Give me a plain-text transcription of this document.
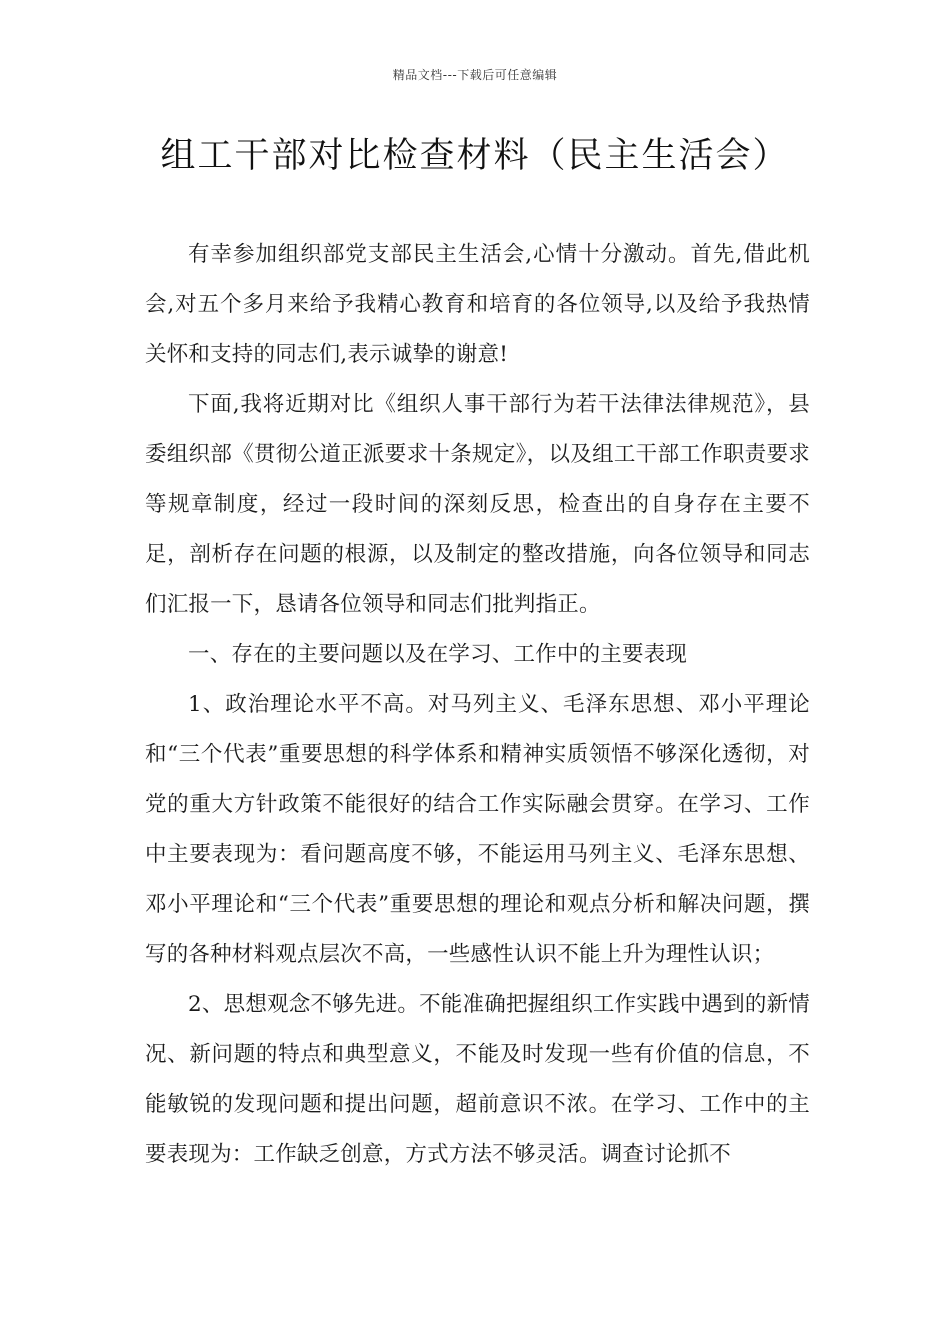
精品文档---下载后可任意编辑
组工干部对比检查材料（民主生活会）

有幸参加组织部党支部民主生活会,心情十分激动。首先,借此机会,对五个多月来给予我精心教育和培育的各位领导,以及给予我热情关怀和支持的同志们,表示诚挚的谢意!

下面,我将近期对比《组织人事干部行为若干法律法律规范》，县委组织部《贯彻公道正派要求十条规定》，以及组工干部工作职责要求等规章制度，经过一段时间的深刻反思，检查出的自身存在主要不足，剖析存在问题的根源，以及制定的整改措施，向各位领导和同志们汇报一下，恳请各位领导和同志们批判指正。

一、存在的主要问题以及在学习、工作中的主要表现

1、政治理论水平不高。对马列主义、毛泽东思想、邓小平理论和“三个代表”重要思想的科学体系和精神实质领悟不够深化透彻，对党的重大方针政策不能很好的结合工作实际融会贯穿。在学习、工作中主要表现为：看问题高度不够，不能运用马列主义、毛泽东思想、邓小平理论和“三个代表”重要思想的理论和观点分析和解决问题，撰写的各种材料观点层次不高，一些感性认识不能上升为理性认识；

2、思想观念不够先进。不能准确把握组织工作实践中遇到的新情况、新问题的特点和典型意义，不能及时发现一些有价值的信息，不能敏锐的发现问题和提出问题，超前意识不浓。在学习、工作中的主要表现为：工作缺乏创意，方式方法不够灵活。调查讨论抓不
